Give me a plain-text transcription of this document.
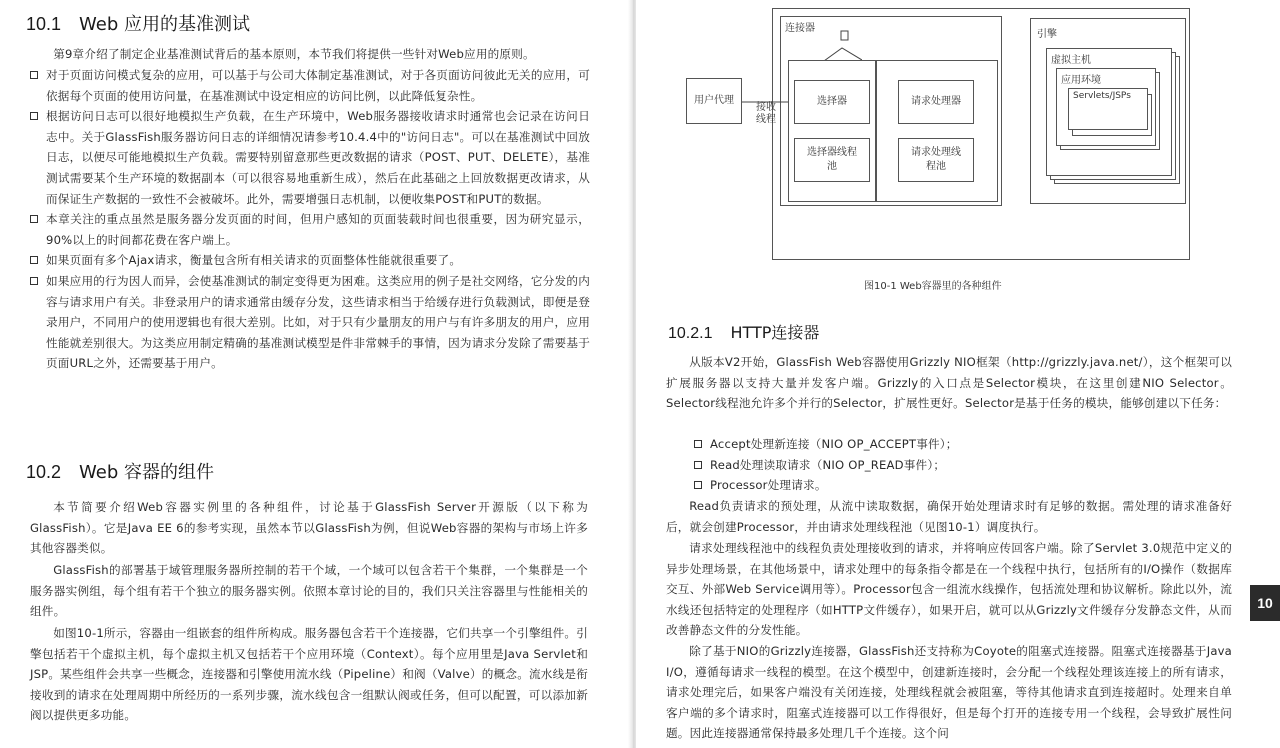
10.1 Web 应用的基准测试

第9章介绍了制定企业基准测试背后的基本原则，本节我们将提供一些针对Web应用的原则。

对于页面访问模式复杂的应用，可以基于与公司大体制定基准测试，对于各页面访问彼此无关的应用，可依据每个页面的使用访问量，在基准测试中设定相应的访问比例，以此降低复杂性。
根据访问日志可以很好地模拟生产负载，在生产环境中，Web服务器接收请求时通常也会记录在访问日志中。关于GlassFish服务器访问日志的详细情况请参考10.4.4中的"访问日志"。可以在基准测试中回放日志，以便尽可能地模拟生产负载。需要特别留意那些更改数据的请求（POST、PUT、DELETE），基准测试需要某个生产环境的数据副本（可以很容易地重新生成），然后在此基础之上回放数据更改请求，从而保证生产数据的一致性不会被破坏。此外，需要增强日志机制，以便收集POST和PUT的数据。
本章关注的重点虽然是服务器分发页面的时间，但用户感知的页面装载时间也很重要，因为研究显示，90%以上的时间都花费在客户端上。
如果页面有多个Ajax请求，衡量包含所有相关请求的页面整体性能就很重要了。
如果应用的行为因人而异，会使基准测试的制定变得更为困难。这类应用的例子是社交网络，它分发的内容与请求用户有关。非登录用户的请求通常由缓存分发，这些请求相当于给缓存进行负载测试，即便是登录用户，不同用户的使用逻辑也有很大差别。比如，对于只有少量朋友的用户与有许多朋友的用户，应用性能就差别很大。为这类应用制定精确的基准测试模型是件非常棘手的事情，因为请求分发除了需要基于页面URL之外，还需要基于用户。
10.2 Web 容器的组件

本节简要介绍Web容器实例里的各种组件，讨论基于GlassFish Server开源版（以下称为GlassFish）。它是Java EE 6的参考实现，虽然本节以GlassFish为例，但说Web容器的架构与市场上许多其他容器类似。

GlassFish的部署基于域管理服务器所控制的若干个域，一个域可以包含若干个集群，一个集群是一个服务器实例组，每个组有若干个独立的服务器实例。依照本章讨论的目的，我们只关注容器里与性能相关的组件。

如图10-1所示，容器由一组嵌套的组件所构成。服务器包含若干个连接器，它们共享一个引擎组件。引擎包括若干个虚拟主机，每个虚拟主机又包括若干个应用环境（Context）。每个应用里是Java Servlet和JSP。某些组件会共享一些概念，连接器和引擎使用流水线（Pipeline）和阀（Valve）的概念。流水线是衔接收到的请求在处理周期中所经历的一系列步骤，流水线包含一组默认阀或任务，但可以配置，可以添加新阀以提供更多功能。

连接器
用户代理
接收线程
选择器
选择器线程池
请求处理器
请求处理线程池
引擎
虚拟主机
应用环境
Servlets/JSPs
图10-1 Web容器里的各种组件
10.2.1 HTTP连接器

从版本V2开始，GlassFish Web容器使用Grizzly NIO框架（http://grizzly.java.net/），这个框架可以扩展服务器以支持大量并发客户端。Grizzly的入口点是Selector模块，在这里创建NIO Selector。Selector线程池允许多个并行的Selector，扩展性更好。Selector是基于任务的模块，能够创建以下任务：

Accept处理新连接（NIO OP_ACCEPT事件）；
Read处理读取请求（NIO OP_READ事件）；
Processor处理请求。

Read负责请求的预处理，从流中读取数据，确保开始处理请求时有足够的数据。需处理的请求准备好后，就会创建Processor，并由请求处理线程池（见图10-1）调度执行。

请求处理线程池中的线程负责处理接收到的请求，并将响应传回客户端。除了Servlet 3.0规范中定义的异步处理场景，在其他场景中，请求处理中的每条指令都是在一个线程中执行，包括所有的I/O操作（数据库交互、外部Web Service调用等）。Processor包含一组流水线操作，包括流处理和协议解析。除此以外，流水线还包括特定的处理程序（如HTTP文件缓存），如果开启，就可以从Grizzly文件缓存分发静态文件，从而改善静态文件的分发性能。

除了基于NIO的Grizzly连接器，GlassFish还支持称为Coyote的阻塞式连接器。阻塞式连接器基于Java I/O，遵循每请求一线程的模型。在这个模型中，创建新连接时，会分配一个线程处理该连接上的所有请求，请求处理完后，如果客户端没有关闭连接，处理线程就会被阻塞，等待其他请求直到连接超时。处理来自单客户端的多个请求时，阻塞式连接器可以工作得很好，但是每个打开的连接专用一个线程，会导致扩展性问题。因此连接器通常保持最多处理几千个连接。这个问

10
